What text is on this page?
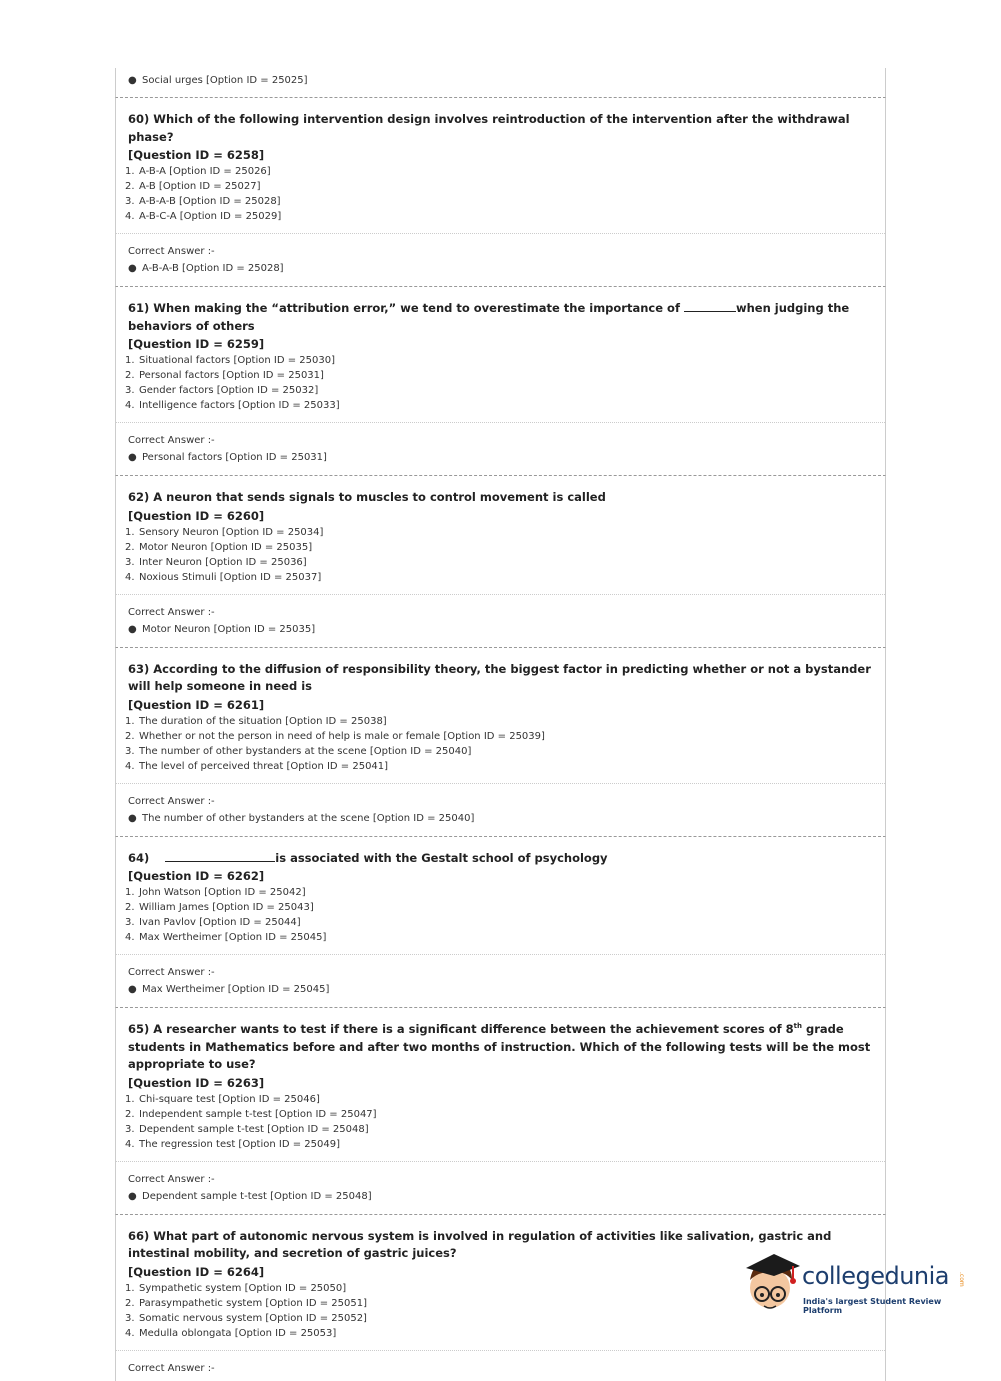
● Social urges [Option ID = 25025]
60) Which of the following intervention design involves reintroduction of the intervention after the withdrawal phase?
[Question ID = 6258]
1. A-B-A [Option ID = 25026]
2. A-B [Option ID = 25027]
3. A-B-A-B [Option ID = 25028]
4. A-B-C-A [Option ID = 25029]
Correct Answer :-
● A-B-A-B [Option ID = 25028]
61) When making the “attribution error,” we tend to overestimate the importance of	when judging the behaviors of others
[Question ID = 6259]
1. Situational factors [Option ID = 25030]
2. Personal factors [Option ID = 25031]
3. Gender factors [Option ID = 25032]
4. Intelligence factors [Option ID = 25033]
Correct Answer :-
● Personal factors [Option ID = 25031]
62) A neuron that sends signals to muscles to control movement is called
[Question ID = 6260]
1. Sensory Neuron [Option ID = 25034]
2. Motor Neuron [Option ID = 25035]
3. Inter Neuron [Option ID = 25036]
4. Noxious Stimuli [Option ID = 25037]
Correct Answer :-
● Motor Neuron [Option ID = 25035]
63) According to the diffusion of responsibility theory, the biggest factor in predicting whether or not a bystander will help someone in need is
[Question ID = 6261]
1. The duration of the situation [Option ID = 25038]
2. Whether or not the person in need of help is male or female [Option ID = 25039]
3. The number of other bystanders at the scene [Option ID = 25040]
4. The level of perceived threat [Option ID = 25041]
Correct Answer :-
● The number of other bystanders at the scene [Option ID = 25040]
64)	is associated with the Gestalt school of psychology
[Question ID = 6262]
1. John Watson [Option ID = 25042]
2. William James [Option ID = 25043]
3. Ivan Pavlov [Option ID = 25044]
4. Max Wertheimer [Option ID = 25045]
Correct Answer :-
● Max Wertheimer [Option ID = 25045]
65) A researcher wants to test if there is a significant difference between the achievement scores of 8th grade students in Mathematics before and after two months of instruction. Which of the following tests will be the most appropriate to use?
[Question ID = 6263]
1. Chi-square test [Option ID = 25046]
2. Independent sample t-test [Option ID = 25047]
3. Dependent sample t-test [Option ID = 25048]
4. The regression test [Option ID = 25049]
Correct Answer :-
● Dependent sample t-test [Option ID = 25048]
66) What part of autonomic nervous system is involved in regulation of activities like salivation, gastric and intestinal mobility, and secretion of gastric juices?
[Question ID = 6264]
1. Sympathetic system [Option ID = 25050]
2. Parasympathetic system [Option ID = 25051]
3. Somatic nervous system [Option ID = 25052]
4. Medulla oblongata [Option ID = 25053]
Correct Answer :-
collegedunia .com
India's largest Student Review Platform
